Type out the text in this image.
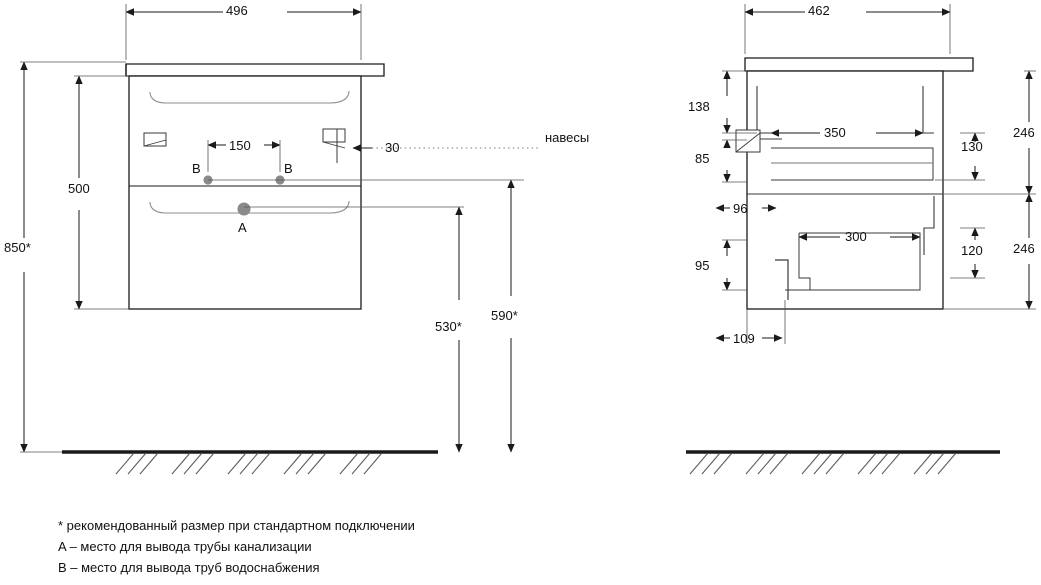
496
850*
500
150	30
530*
590*
A
B	B
навесы
462
138
85
96
95
109
350
300
130
120
246
246
* рекомендованный размер при стандартном подключении
A – место для вывода трубы канализации
B – место для вывода труб водоснабжения
